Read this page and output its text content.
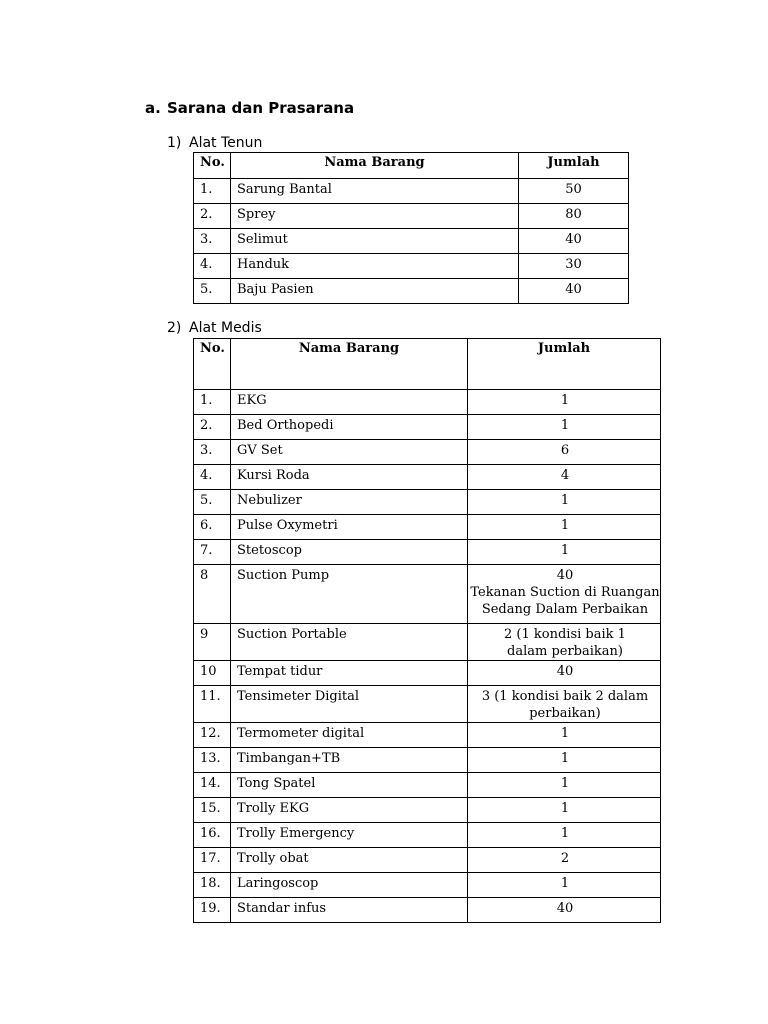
a. Sarana dan Prasarana
1) Alat Tenun
No.	Nama Barang	Jumlah
1.	Sarung Bantal	50
2.	Sprey	80
3.	Selimut	40
4.	Handuk	30
5.	Baju Pasien	40
2) Alat Medis
No.	Nama Barang	Jumlah
1.	EKG	1
2.	Bed Orthopedi	1
3.	GV Set	6
4.	Kursi Roda	4
5.	Nebulizer	1
6.	Pulse Oxymetri	1
7.	Stetoscop	1
8	Suction Pump	40
Tekanan Suction di Ruangan
Sedang Dalam Perbaikan
9	Suction Portable	2 (1 kondisi baik 1
dalam perbaikan)
10	Tempat tidur	40
11.	Tensimeter Digital	3 (1 kondisi baik 2 dalam
perbaikan)
12.	Termometer digital	1
13.	Timbangan+TB	1
14.	Tong Spatel	1
15.	Trolly EKG	1
16.	Trolly Emergency	1
17.	Trolly obat	2
18.	Laringoscop	1
19.	Standar infus	40
